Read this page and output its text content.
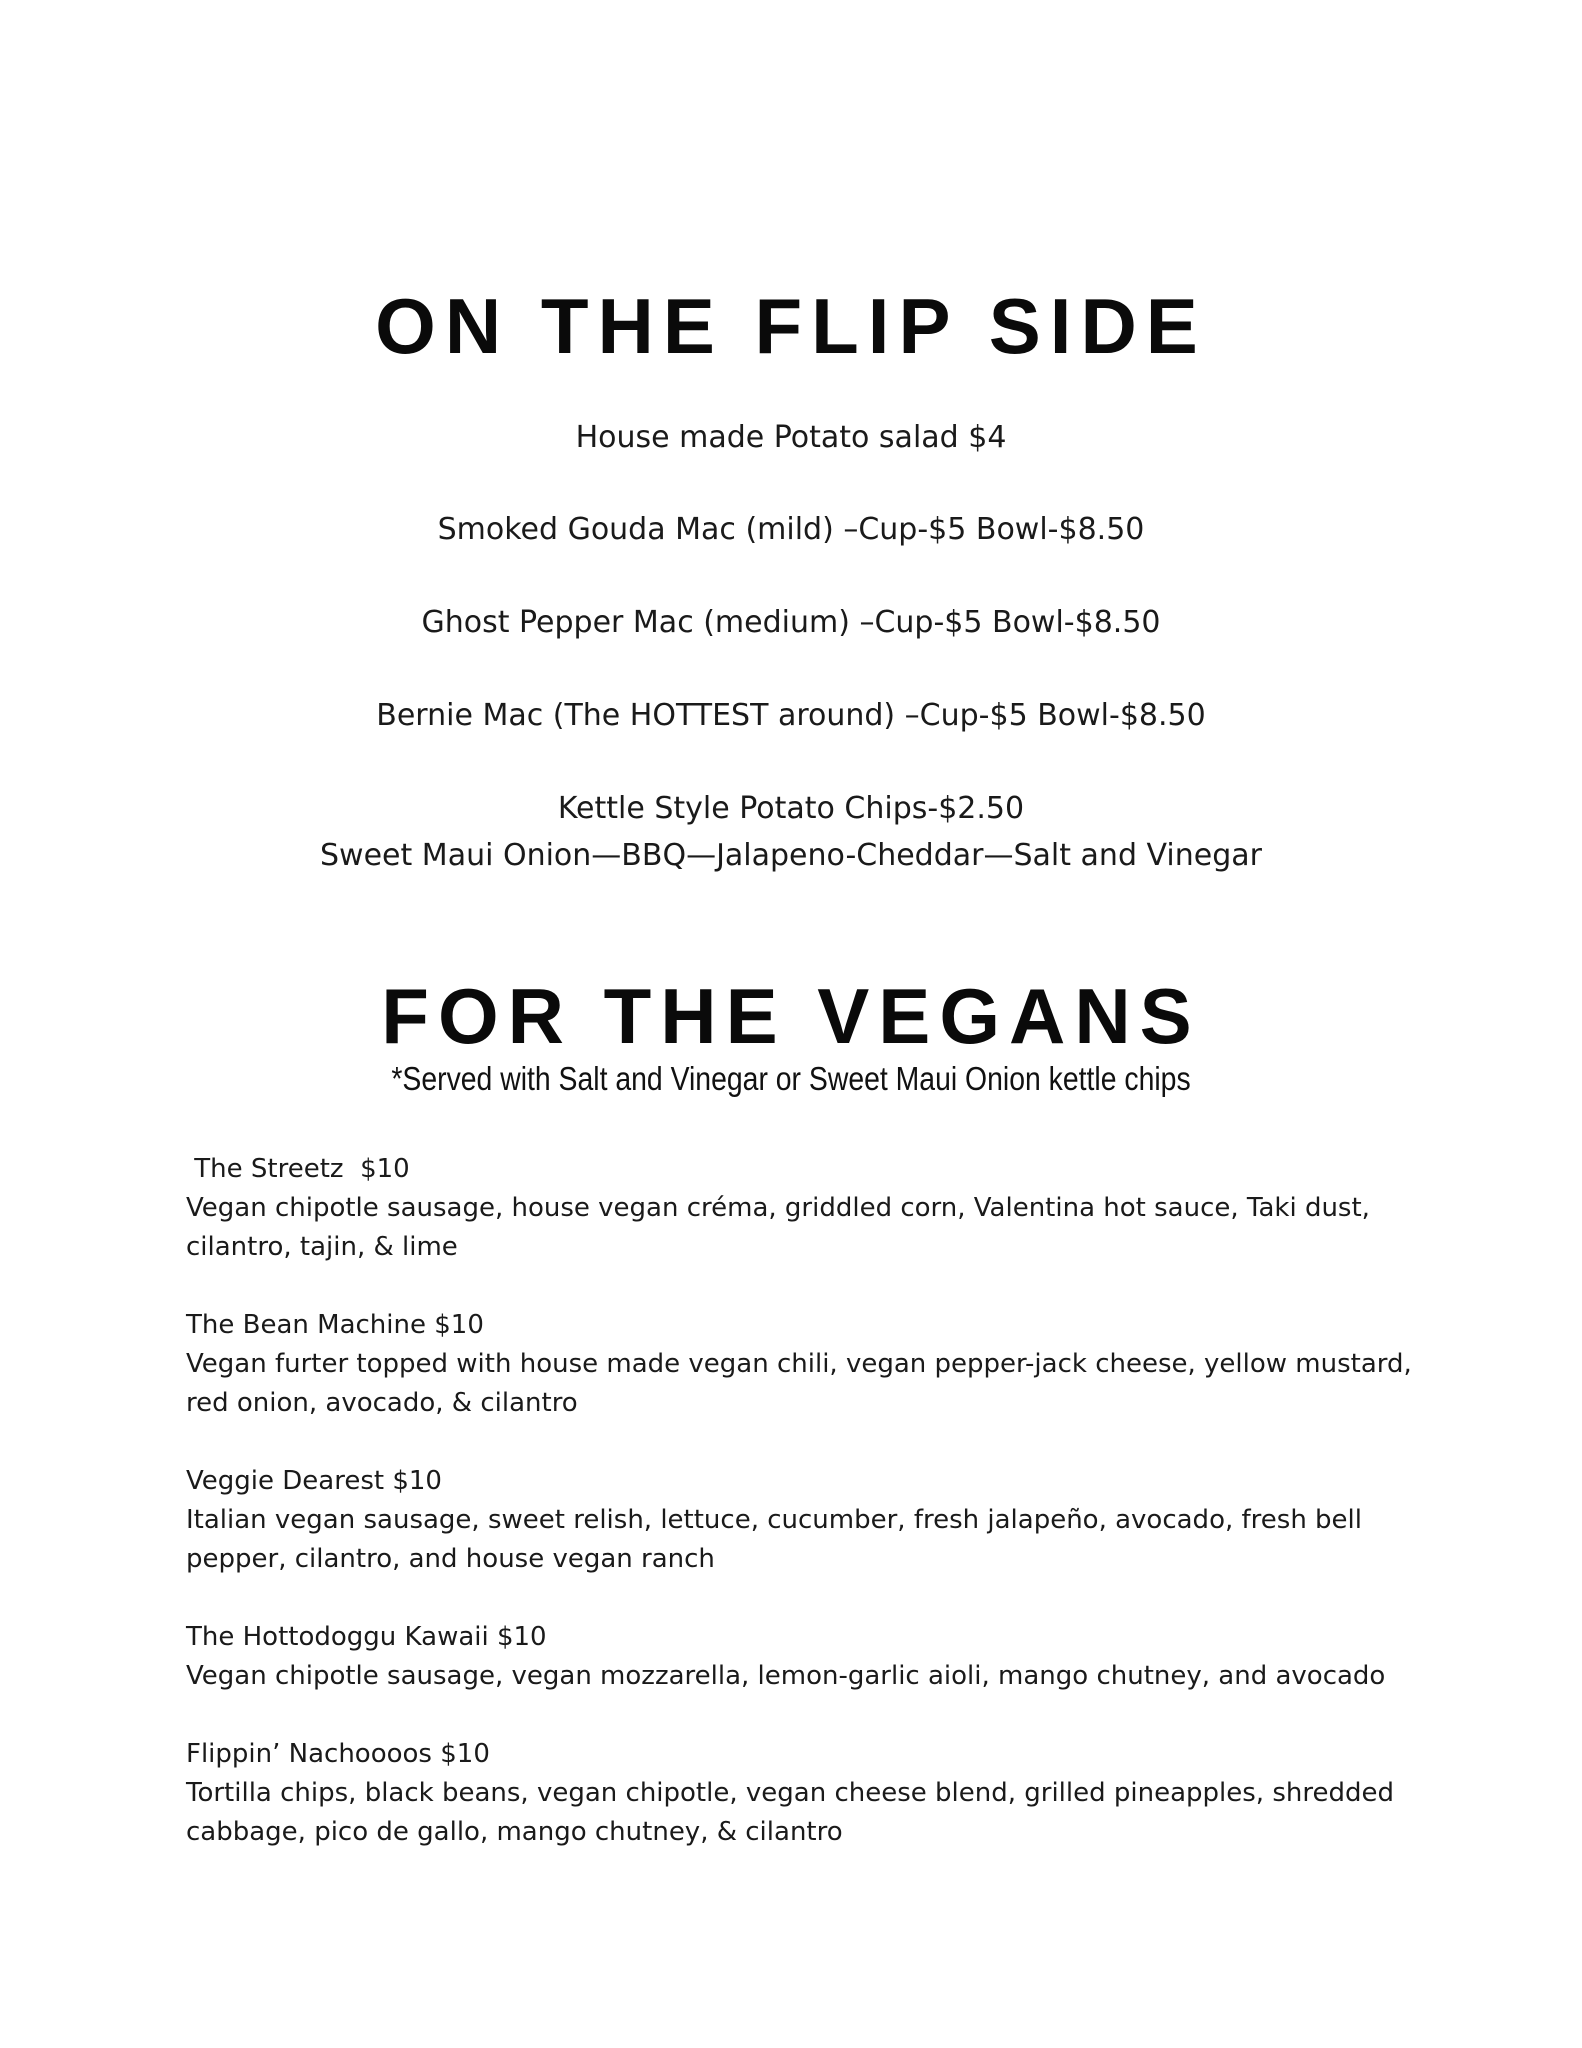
ON THE FLIP SIDE

House made Potato salad $4

Smoked Gouda Mac (mild) –Cup-$5 Bowl-$8.50

Ghost Pepper Mac (medium) –Cup-$5 Bowl-$8.50

Bernie Mac (The HOTTEST around) –Cup-$5 Bowl-$8.50

Kettle Style Potato Chips-$2.50

Sweet Maui Onion—BBQ—Jalapeno-Cheddar—Salt and Vinegar

FOR THE VEGANS

*Served with Salt and Vinegar or Sweet Maui Onion kettle chips

The Streetz  $10
Vegan chipotle sausage, house vegan créma, griddled corn, Valentina hot sauce, Taki dust, cilantro, tajin, & lime
The Bean Machine $10
Vegan furter topped with house made vegan chili, vegan pepper-jack cheese, yellow mustard, red onion, avocado, & cilantro
Veggie Dearest $10
Italian vegan sausage, sweet relish, lettuce, cucumber, fresh jalapeño, avocado, fresh bell pepper, cilantro, and house vegan ranch
The Hottodoggu Kawaii $10
Vegan chipotle sausage, vegan mozzarella, lemon-garlic aioli, mango chutney, and avocado
Flippin’ Nachoooos $10
Tortilla chips, black beans, vegan chipotle, vegan cheese blend, grilled pineapples, shredded cabbage, pico de gallo, mango chutney, & cilantro
